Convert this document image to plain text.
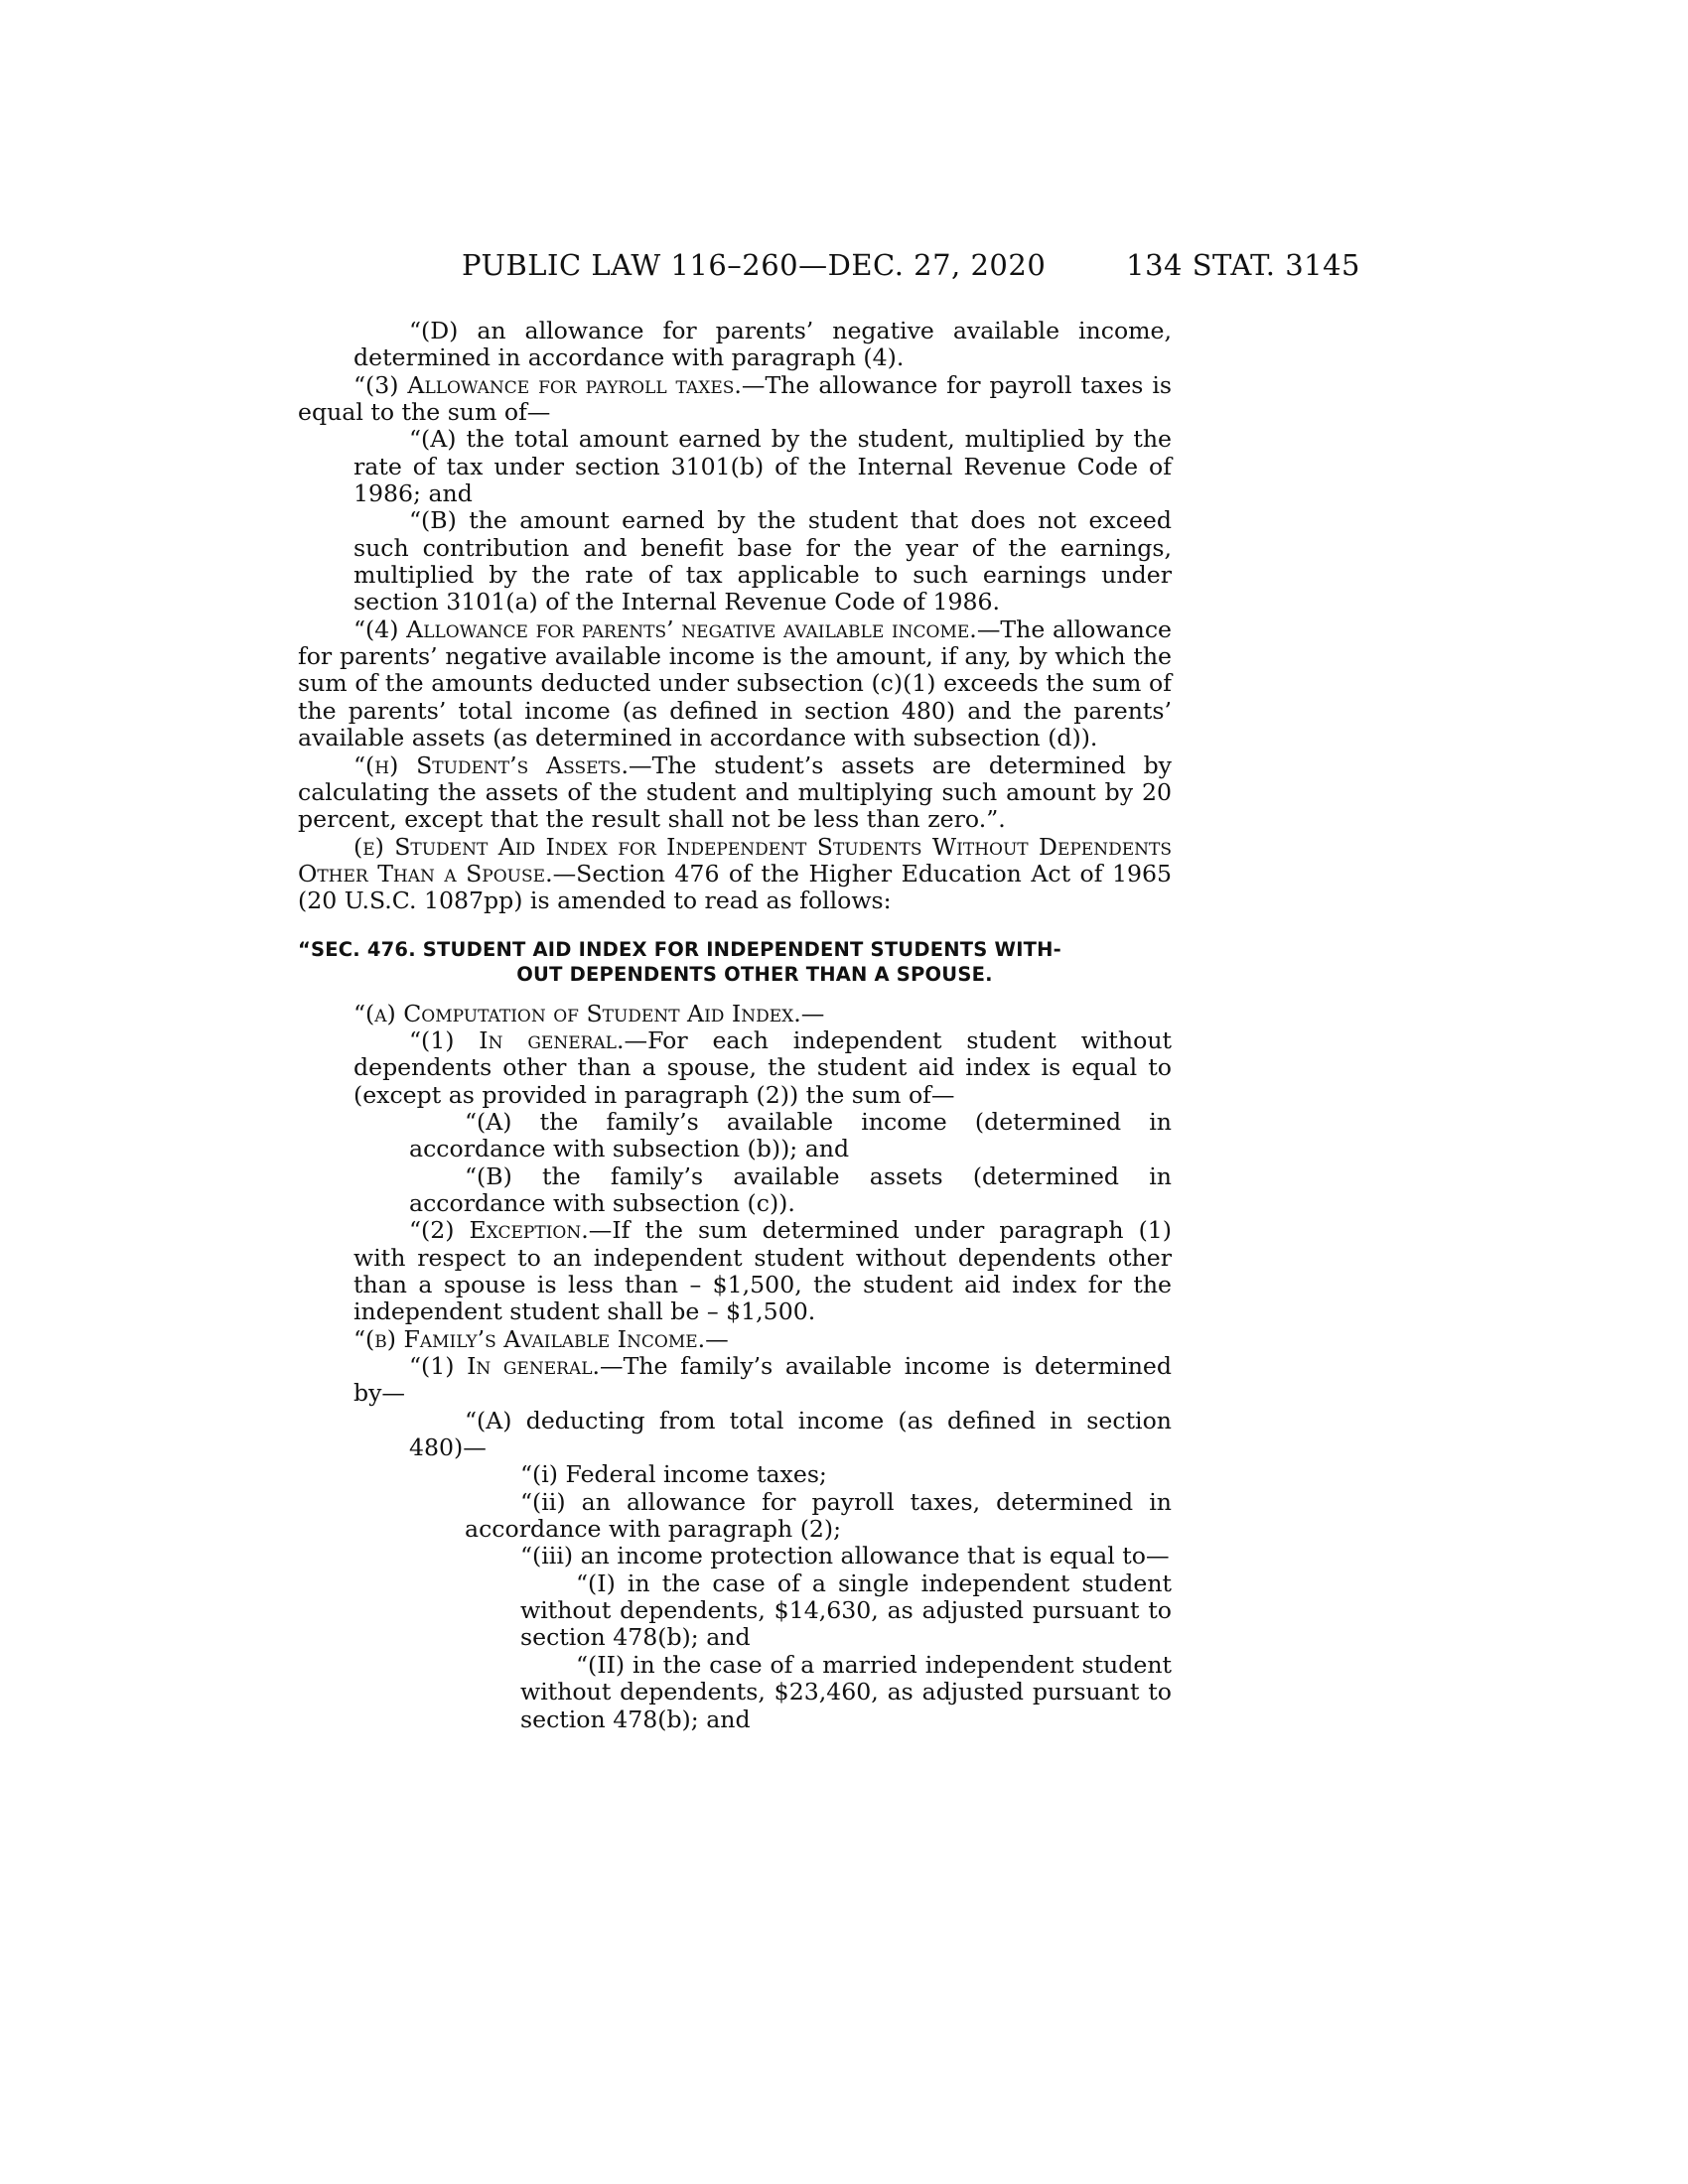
PUBLIC LAW 116–260—DEC. 27, 2020	134 STAT. 3145

“(D) an allowance for parents’ negative available income, determined in accordance with paragraph (4).

“(3) Allowance for payroll taxes.—The allowance for payroll taxes is equal to the sum of—

“(A) the total amount earned by the student, multiplied by the rate of tax under section 3101(b) of the Internal Revenue Code of 1986; and

“(B) the amount earned by the student that does not exceed such contribution and benefit base for the year of the earnings, multiplied by the rate of tax applicable to such earnings under section 3101(a) of the Internal Revenue Code of 1986.

“(4) Allowance for parents’ negative available income.—The allowance for parents’ negative available income is the amount, if any, by which the sum of the amounts deducted under subsection (c)(1) exceeds the sum of the parents’ total income (as defined in section 480) and the parents’ available assets (as determined in accordance with subsection (d)).

“(h) Student’s Assets.—The student’s assets are determined by calculating the assets of the student and multiplying such amount by 20 percent, except that the result shall not be less than zero.”.

(e) Student Aid Index for Independent Students Without Dependents Other Than a Spouse.—Section 476 of the Higher Education Act of 1965 (20 U.S.C. 1087pp) is amended to read as follows:

“SEC. 476. STUDENT AID INDEX FOR INDEPENDENT STUDENTS WITH-
OUT DEPENDENTS OTHER THAN A SPOUSE.

“(a) Computation of Student Aid Index.—

“(1) In general.—For each independent student without dependents other than a spouse, the student aid index is equal to (except as provided in paragraph (2)) the sum of—

“(A) the family’s available income (determined in accordance with subsection (b)); and

“(B) the family’s available assets (determined in accordance with subsection (c)).

“(2) Exception.—If the sum determined under paragraph (1) with respect to an independent student without dependents other than a spouse is less than – $1,500, the student aid index for the independent student shall be – $1,500.

“(b) Family’s Available Income.—

“(1) In general.—The family’s available income is determined by—

“(A) deducting from total income (as defined in section 480)—

“(i) Federal income taxes;

“(ii) an allowance for payroll taxes, determined in accordance with paragraph (2);

“(iii) an income protection allowance that is equal to—

“(I) in the case of a single independent student without dependents, $14,630, as adjusted pursuant to section 478(b); and

“(II) in the case of a married independent student without dependents, $23,460, as adjusted pursuant to section 478(b); and
